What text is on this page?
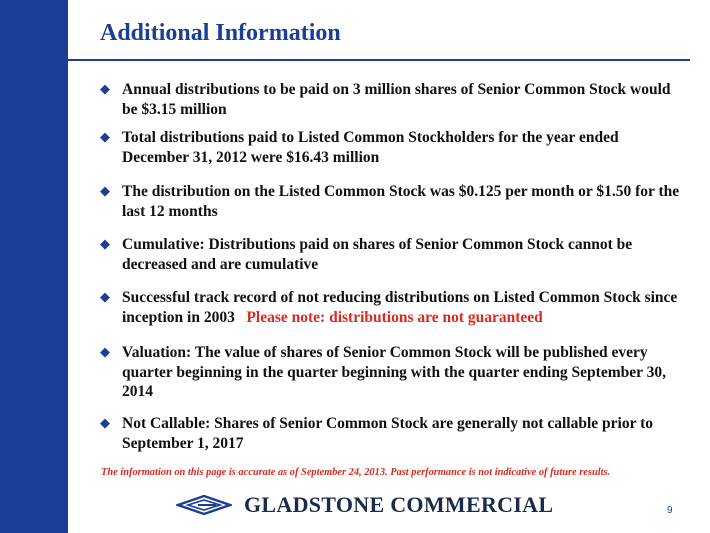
Additional Information
◆ Annual distributions to be paid on 3 million shares of Senior Common Stock would be $3.15 million
◆ Total distributions paid to Listed Common Stockholders for the year ended December 31, 2012 were $16.43 million
◆ The distribution on the Listed Common Stock was $0.125 per month or $1.50 for the last 12 months
◆ Cumulative: Distributions paid on shares of Senior Common Stock cannot be decreased and are cumulative
◆ Successful track record of not reducing distributions on Listed Common Stock since inception in 2003 Please note: distributions are not guaranteed
◆ Valuation: The value of shares of Senior Common Stock will be published every quarter beginning in the quarter beginning with the quarter ending September 30, 2014
◆ Not Callable: Shares of Senior Common Stock are generally not callable prior to September 1, 2017
The information on this page is accurate as of September 24, 2013. Past performance is not indicative of future results.
GLADSTONE COMMERCIAL	9
